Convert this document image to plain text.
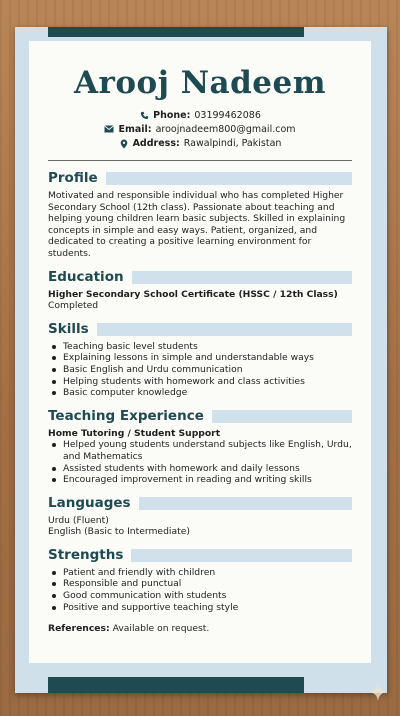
Arooj Nadeem
Phone: 03199462086
Email: aroojnadeem800@gmail.com
Address: Rawalpindi, Pakistan
Profile

Motivated and responsible individual who has completed Higher Secondary School (12th class). Passionate about teaching and helping young children learn basic subjects. Skilled in explaining concepts in simple and easy ways. Patient, organized, and dedicated to creating a positive learning environment for students.

Education

Higher Secondary School Certificate (HSSC / 12th Class)

Completed

Skills
Teaching basic level students
Explaining lessons in simple and understandable ways
Basic English and Urdu communication
Helping students with homework and class activities
Basic computer knowledge
Teaching Experience

Home Tutoring / Student Support

Helped young students understand subjects like English, Urdu, and Mathematics
Assisted students with homework and daily lessons
Encouraged improvement in reading and writing skills
Languages

Urdu (Fluent)

English (Basic to Intermediate)

Strengths
Patient and friendly with children
Responsible and punctual
Good communication with students
Positive and supportive teaching style

References: Available on request.
